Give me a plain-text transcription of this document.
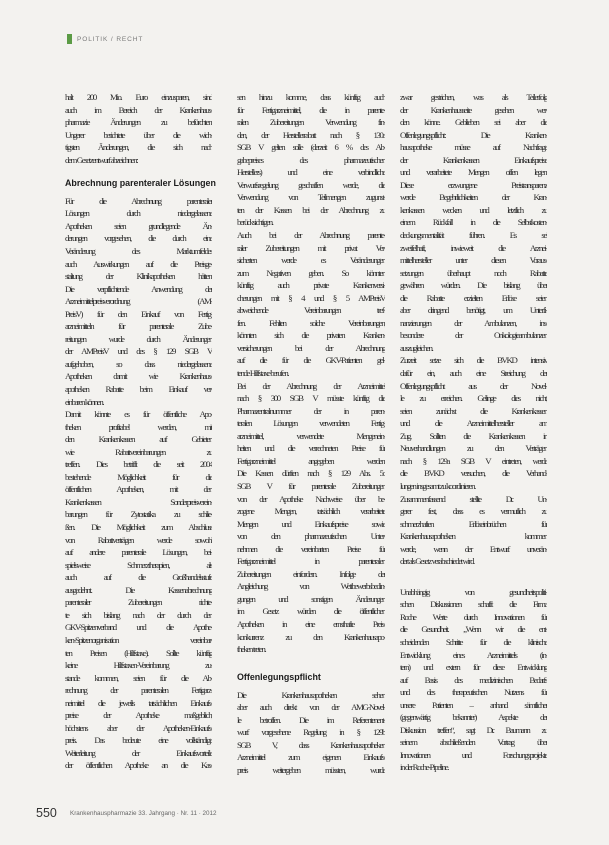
POLITIK / RECHT
halt 200 Mio. Euro einzusparen, sind
auch im Bereich der Krankenhaus-
pharmazie Änderungen zu befürchten.
Ungerer berichtete über die wich-
tigsten Änderungen, die sich nach
dem Gesetzentwurf abzeichnen:
Abrechnung parenteraler Lösungen
Für die Abrechnung parenteraler
Lösungen durch niedergelassene
Apotheken seien grundlegende Än-
derungen vorgesehen, die durch eine
Veränderung des Marktumfeldes
auch Auswirkungen auf die Preisge-
staltung der Klinikapotheken hätten.
Die verpflichtende Anwendung der
Arzneimittelpreisverordnung (AM-
PreisV) für den Einkauf von Fertig-
arzneimitteln für parenterale Zube-
reitungen wurde durch Änderungen
der AMPreisV und des § 129 SGB V
aufgehoben, so dass niedergelassene
Apotheken damit wie Krankenhaus-
apotheken Rabatte beim Einkauf ver-
einbaren können.
Damit könnte es für öffentliche Apo-
theken profitabel werden, mit
den Krankenkassen auf Gebieten
wie Rabattvereinbarungen zu
treffen. Dies betrifft die seit 2004
bestehende Möglichkeit für die
öffentlichen Apotheken, mit den
Krankenkassen Sonderpreisverein-
barungen für Zytostatika zu schlie-
ßen. Die Möglichkeit zum Abschluss
von Rabattverträgen werde sowohl
auf andere parenterale Lösungen, bei-
spielsweise Schmerztherapien, als
auch auf die Großhandelsstufe
ausgedehnt. Die Kassenabrechnung
parenteraler Zubereitungen richte-
te sich bislang nach der durch den
GKV-Spitzenverband und die Apothe-
ken-Spitzenorganisation vereinbar-
ten Preisen (Hilfstaxe). Sollte künftig
keine Hilfstaxen-Vereinbarung zu-
stande kommen, seien für die Ab-
rechnung der parenteralen Fertigarz-
neimittel die jeweils tatsächlichen Einkaufs-
preise der Apotheke maßgeblich,
höchstens aber der Apotheken-Einkaufs-
preis. Das bedeute eine vollständige
Weiterleitung der Einkaufsvorteile
der öffentlichen Apotheke an die Kas-
sen hinzu komme, dass künftig auch
für Fertigarzneimittel, die in parente-
ralen Zubereitungen Verwendung fin-
den, der Herstellerrabatt nach § 130a
SGB V gelten solle (derzeit 6 % des Ab-
gabepreises des pharmazeutischen
Herstellers) und eine verbindliche
Verwurfsregelung geschaffen werde, die
Verwendung von Teilmengen zugunst-
ten der Kassen bei der Abrechnung zu
berücksichtigen.
Auch bei der Abrechnung parente-
raler Zubereitungen mit privat Ver-
sicherten werde es Veränderungen
zum Negativen geben. So könnten
künftig auch private Krankenversi-
cherungen mit § 4 und § 5 AMPreisV
abweichende Vereinbarungen tref-
fen. Fehlten solche Vereinbarungen,
könnten sich die privaten Kranken-
versicherungen bei der Abrechnung
auf die für die GKV-Patienten gel-
tende Hilfstaxe berufen.
Bei der Abrechnung der Arzneimittel
nach § 300 SGB V müsste künftig die
Pharmazentralnummer der in paren-
teralen Lösungen verwendeten Fertig-
arzneimittel, verwendete Mengenein-
heiten und die verrechneten Preise für
Fertigarzneimittel angegeben werden.
Die Kassen dürften nach § 129 Abs. 5c
SGB V für parenterale Zubereitungen
von der Apotheke Nachweise über be-
zogene Mengen, tatsächlich verarbeitete
Mengen und Einkaufspreise sowie
von den pharmazeutischen Unter-
nehmen die vereinbarten Preise für
Fertigarzneimittel in parenteralen
Zubereitungen einfordern. Infolge der
Angleichung von Wettbewerbsbedin-
gungen und sonstigen Änderungen
im Gesetz würden die öffentlichen
Apotheken in eine ernsthafte Preis-
konkurrenz zu den Krankenhausapo-
theken treten.
Offenlegungspflicht
Die Krankenhausapotheken sehen
aber auch direkt von der AMG-Novel-
le betroffen. Die im Referentenent-
wurf vorgesehene Regelung in § 129b
SGB V, dass Krankenhausapotheken
Arzneimittel zum eigenen Einkaufs-
preis weitergeben müssten, wurde
zwar gestrichen, was als Teilerfolg
der Krankenhausseite gesehen wer-
den könne. Geblieben sei aber die
Offenlegungspflicht: Die Kranken-
hausapotheke müsse auf Nachfrage
der Krankenkassen Einkaufspreise
und verarbeitete Mengen offen legen.
Diese erzwungene Preistransparenz
werde Begehrlichkeiten der Kran-
kenkassen wecken und letztlich zu
einem Rückfall in die Selbstkosten-
deckungsmentalität führen. Es sei
zweifelhaft, inwieweit die Arznei-
mittelhersteller unter diesen Voraus-
setzungen überhaupt noch Rabatte
gewähren würden. Die bislang über
die Rabatte erzielten Erlöse seien
aber dringend benötigt, um Unterfi-
nanzierungen der Ambulanzen, ins-
besondere der Onkologieambulanzen
auszugleichen.
Zurzeit setze sich die BVKD intensiv
dafür ein, auch eine Streichung der
Offenlegungspflicht aus der Novel-
le zu erreichen. Gelinge dies nicht,
seien zunächst die Krankenkassen
und die Arzneimittelhersteller am
Zug. Sollten die Krankenkassen in
Neuverhandlungen zu den Verträgen
nach § 129a SGB V eintreten, werde
die BVKD versuchen, die Verhand-
lungen insgesamt zu koordinieren.
Zusammenfassend stellte Dr. Un-
gerer fest, dass es vermutlich zu
schmerzhaften Erlöseinbrüchen für
Krankenhausapotheken kommen
werde, wenn der Entwurf unverän-
dert als Gesetz verabschiedet wird.
Unabhängig von gesundheitspoliti-
schen Diskussionen schafft die Firma
Roche Werte durch Innovationen für
die Gesundheit. „Wenn wir die ent-
scheidenden Schritte für die klinische
Entwicklung eines Arzneimittels (in-
tern) und extern für diese Entwicklung
auf Basis des medizinischen Bedarfs
und des therapeutischen Nutzens für
unsere Patienten – anhand sämtlicher
(gegenwärtig bekannter) Aspekte der
Diskussion treffen“, sagt Dr. Baumann zu
seinem abschließenden Vortrag über
Innovationen und Forschungsprojekte
in der Roche-Pipeline.
550 Krankenhauspharmazie 33. Jahrgang · Nr. 11 · 2012
